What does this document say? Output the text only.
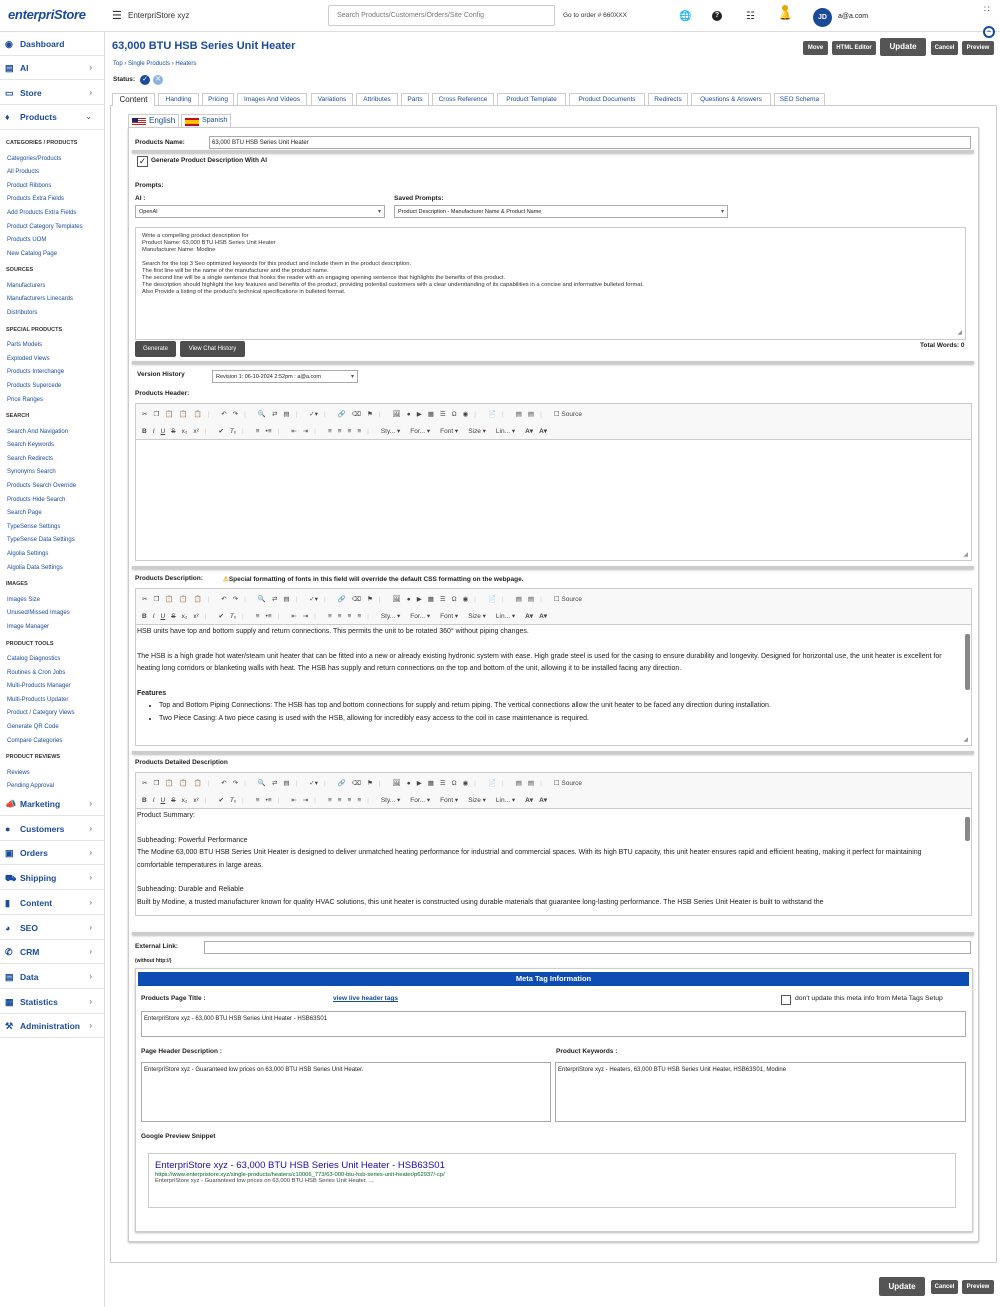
enterpriStore ☰ EnterpriStore xyz	Search Products/Customers/Orders/Site Config	Go to order # 660XXX	🌐	?	☷ 🔔	JD	a@a.com
∷
••
◉ Dashboard
▤ AI	›
▭ Store	›
♦ Products	⌄
CATEGORIES / PRODUCTS
Categories/Products
All Products
Product Ribbons
Products Extra Fields
Add Products Extra Fields
Product Category Templates
Products UOM
New Catalog Page
SOURCES
Manufacturers
Manufacturers Linecards
Distributors
SPECIAL PRODUCTS
Parts Models
Exploded Views
Products Interchange
Products Supercede
Price Ranges
SEARCH
Search And Navigation
Search Keywords
Search Redirects
Synonyms Search
Products Search Override
Products Hide Search
Search Page
TypeSense Settings
TypeSense Data Settings
Algolia Settings
Algolia Data Settings
IMAGES
Images Size
Unused/Missed Images
Image Manager
PRODUCT TOOLS
Catalog Diagnostics
Routines & Cron Jobs
Multi-Products Manager
Multi-Products Updater
Product / Category Views
Generate QR Code
Compare Categories
PRODUCT REVIEWS
Reviews
Pending Approval
📣 Marketing	›
● Customers	›
▣ Orders	›
⛟ Shipping	›
▮ Content	›
◕ SEO	›
✆ CRM	›
▤ Data	›
▦ Statistics	›
⚒ Administration ›
63,000 BTU HSB Series Unit Heater
Top › Single Products › Heaters
Status: ✓ ✕
Move	HTML Editor	Update	Cancel	Preview
English	Spanish
Products Name:	63,000 BTU HSB Series Unit Heater
✓ Generate Product Description With AI
Prompts:
AI :
OpenAI	▾
Saved Prompts:
Product Description - Manufacturer Name & Product Name	▾

Write a compelling product description for

Product Name: 63,000 BTU HSB Series Unit Heater

Manufacturer Name: Modine

Search for the top 3 Seo optimized keywords for this product and include them in the product description.

The first line will be the name of the manufacturer and the product name.

The second line will be a single sentence that hooks the reader with an engaging opening sentence that highlights the benefits of this product.

The description should highlight the key features and benefits of the product, providing potential customers with a clear understanding of its capabilities in a concise and informative bulleted format.

Also Provide a listing of the product's technical specifications in bulleted format.

◢
Generate	View Chat History	Total Words: 0
Version History	Revision 1: 06-10-2024 2:52pm : a@a.com	▾
Products Header:
✂ ❐ 📋 📋 📋 | ↶ ↷ | 🔍 ⇄ ▤ | ✓▾ | 🔗 ⌫ ⚑ | 🖼 ● ▶ ▦ ☰ Ω ◉ | 📄 | ▤ ▤ | ☐ Source
B I U S x₂ x² | ✔ Tₓ | ≡ •≡ | ⇤ ⇥ | ≡ ≡ ≡ ≡ | Sty... ▾ For... ▾ Font ▾ Size ▾ Lin... ▾ A▾ A▾
◢
Products Description:	⚠Special formatting of fonts in this field will override the default CSS formatting on the webpage.
✂ ❐ 📋 📋 📋 | ↶ ↷ | 🔍 ⇄ ▤ | ✓▾ | 🔗 ⌫ ⚑ | 🖼 ● ▶ ▦ ☰ Ω ◉ | 📄 | ▤ ▤ | ☐ Source
B I U S x₂ x² | ✔ Tₓ | ≡ •≡ | ⇤ ⇥ | ≡ ≡ ≡ ≡ | Sty... ▾ For... ▾ Font ▾ Size ▾ Lin... ▾ A▾ A▾
HSB units have top and bottom supply and return connections. This permits the unit to be rotated 360° without piping changes.
The HSB is a high grade hot water/steam unit heater that can be fitted into a new or already existing hydronic system with ease. High grade steel is used for the casing to ensure durability and longevity. Designed for horizontal use, the unit heater is excellent for heating long corridors or blanketing walls with heat. The HSB has supply and return connections on the top and bottom of the unit, allowing it to be installed facing any direction.
Features
• Top and Bottom Piping Connections: The HSB has top and bottom connections for supply and return piping. The vertical connections allow the unit heater to be faced any direction during installation.
• Two Piece Casing: A two piece casing is used with the HSB, allowing for incredibly easy access to the coil in case maintenance is required.
◢
Products Detailed Description
✂ ❐ 📋 📋 📋 | ↶ ↷ | 🔍 ⇄ ▤ | ✓▾ | 🔗 ⌫ ⚑ | 🖼 ● ▶ ▦ ☰ Ω ◉ | 📄 | ▤ ▤ | ☐ Source
B I U S x₂ x² | ✔ Tₓ | ≡ •≡ | ⇤ ⇥ | ≡ ≡ ≡ ≡ | Sty... ▾ For... ▾ Font ▾ Size ▾ Lin... ▾ A▾ A▾
Product Summary:
Subheading: Powerful Performance
The Modine 63,000 BTU HSB Series Unit Heater is designed to deliver unmatched heating performance for industrial and commercial spaces. With its high BTU capacity, this unit heater ensures rapid and efficient heating, making it perfect for maintaining comfortable temperatures in large areas.
Subheading: Durable and Reliable
Built by Modine, a trusted manufacturer known for quality HVAC solutions, this unit heater is constructed using durable materials that guarantee long-lasting performance. The HSB Series Unit Heater is built to withstand the
External Link:
(without http://)
Meta Tag Information
Products Page Title :	view live header tags	don't update this meta info from Meta Tags Setup
EnterpriStore xyz - 63,000 BTU HSB Series Unit Heater - HSB63S01
Page Header Description :
EnterpriStore xyz - Guaranteed low prices on 63,000 BTU HSB Series Unit Heater.
Product Keywords :
EnterpriStore xyz - Heaters, 63,000 BTU HSB Series Unit Heater, HSB63S01, Modine
Google Preview Snippet
EnterpriStore xyz - 63,000 BTU HSB Series Unit Heater - HSB63S01
https://www.enterpristore.xyz/single-products/heaters/c10006_773/63-000-btu-hsb-series-unit-heater/p62937/-cp/
EnterpriStore xyz - Guaranteed low prices on 63,000 BTU HSB Series Unit Heater. ...
Update	Cancel	Preview
Content	Handling	Pricing	Images And Videos	Variations	Attributes	Parts	Cross Reference	Product Template	Product Documents	Redirects	Questions & Answers	SEO Schema
